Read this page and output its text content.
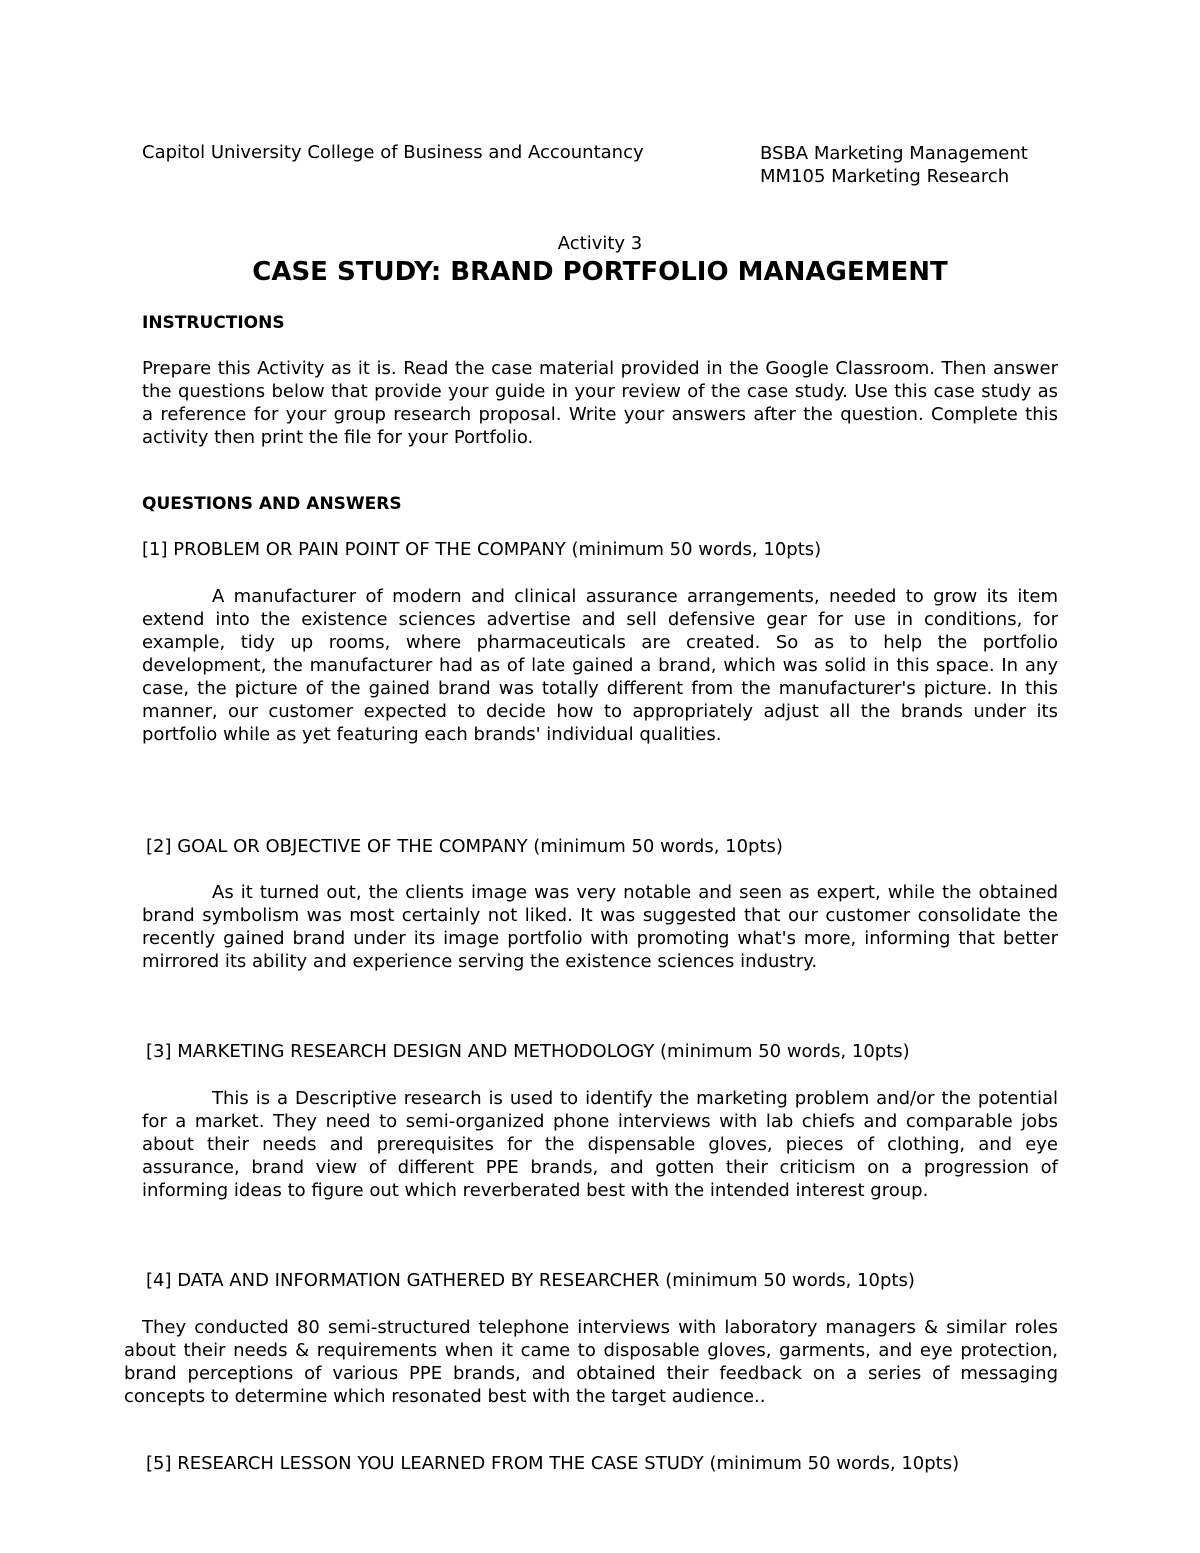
Capitol University College of Business and Accountancy	BSBA Marketing Management
MM105 Marketing Research
Activity 3
CASE STUDY: BRAND PORTFOLIO MANAGEMENT
INSTRUCTIONS
Prepare this Activity as it is. Read the case material provided in the Google Classroom. Then answer the questions below that provide your guide in your review of the case study. Use this case study as a reference for your group research proposal. Write your answers after the question. Complete this activity then print the file for your Portfolio.
QUESTIONS AND ANSWERS
[1] PROBLEM OR PAIN POINT OF THE COMPANY (minimum 50 words, 10pts)
A manufacturer of modern and clinical assurance arrangements, needed to grow its item extend into the existence sciences advertise and sell defensive gear for use in conditions, for example, tidy up rooms, where pharmaceuticals are created. So as to help the portfolio development, the manufacturer had as of late gained a brand, which was solid in this space. In any case, the picture of the gained brand was totally different from the manufacturer's picture. In this manner, our customer expected to decide how to appropriately adjust all the brands under its portfolio while as yet featuring each brands' individual qualities.
[2] GOAL OR OBJECTIVE OF THE COMPANY (minimum 50 words, 10pts)
As it turned out, the clients image was very notable and seen as expert, while the obtained brand symbolism was most certainly not liked. It was suggested that our customer consolidate the recently gained brand under its image portfolio with promoting what's more, informing that better mirrored its ability and experience serving the existence sciences industry.
[3] MARKETING RESEARCH DESIGN AND METHODOLOGY (minimum 50 words, 10pts)
This is a Descriptive research is used to identify the marketing problem and/or the potential for a market. They need to semi-organized phone interviews with lab chiefs and comparable jobs about their needs and prerequisites for the dispensable gloves, pieces of clothing, and eye assurance, brand view of different PPE brands, and gotten their criticism on a progression of informing ideas to figure out which reverberated best with the intended interest group.
[4] DATA AND INFORMATION GATHERED BY RESEARCHER (minimum 50 words, 10pts)
They conducted 80 semi-structured telephone interviews with laboratory managers & similar roles about their needs & requirements when it came to disposable gloves, garments, and eye protection, brand perceptions of various PPE brands, and obtained their feedback on a series of messaging concepts to determine which resonated best with the target audience..
[5] RESEARCH LESSON YOU LEARNED FROM THE CASE STUDY (minimum 50 words, 10pts)
